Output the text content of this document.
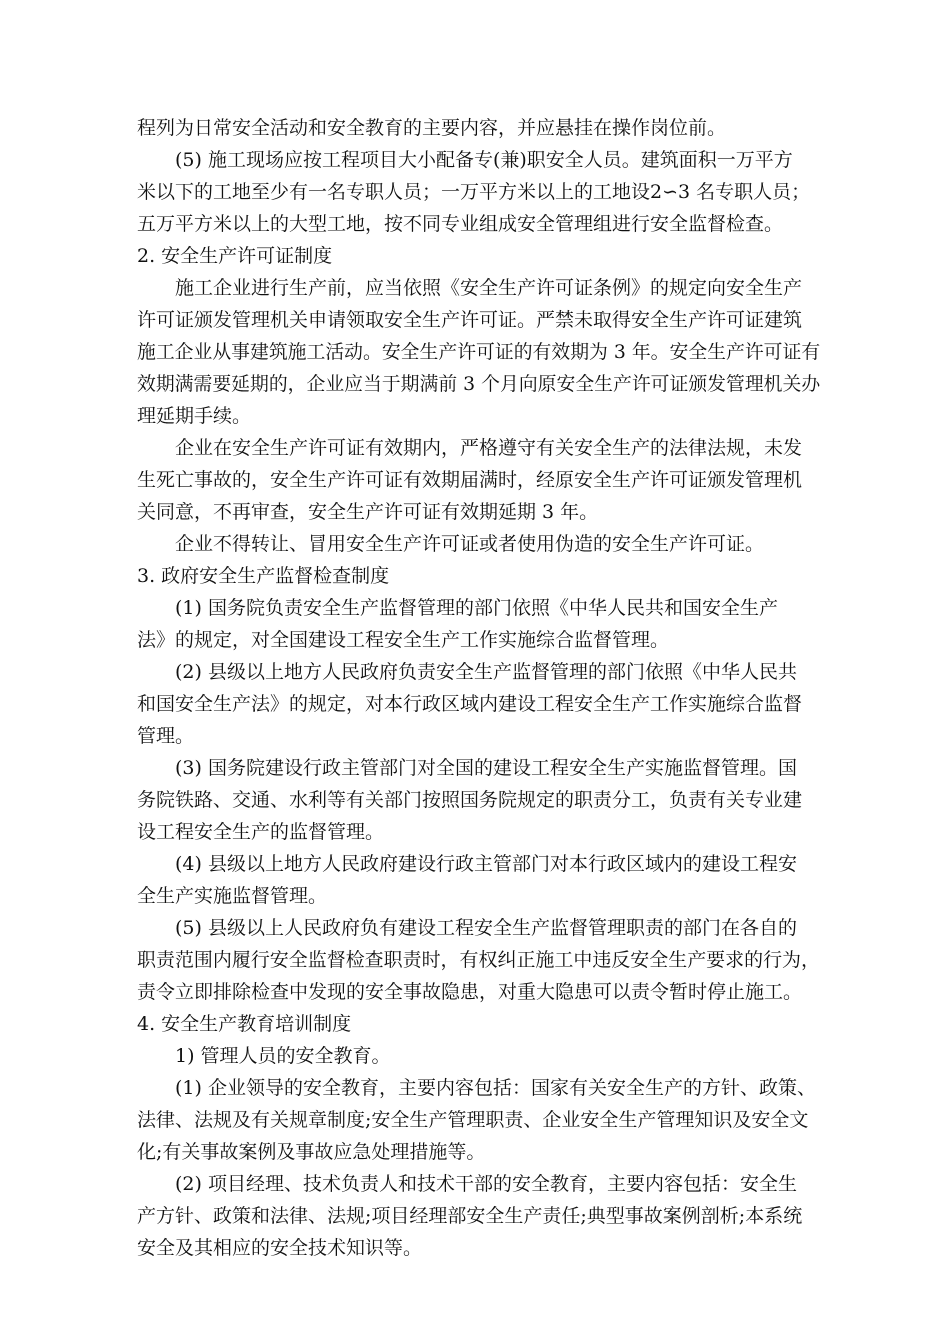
程列为日常安全活动和安全教育的主要内容，并应悬挂在操作岗位前。
(5) 施工现场应按工程项目大小配备专(兼)职安全人员。建筑面积一万平方
米以下的工地至少有一名专职人员；一万平方米以上的工地设2∽3 名专职人员；
五万平方米以上的大型工地，按不同专业组成安全管理组进行安全监督检查。
2. 安全生产许可证制度
施工企业进行生产前，应当依照《安全生产许可证条例》的规定向安全生产
许可证颁发管理机关申请领取安全生产许可证。严禁未取得安全生产许可证建筑
施工企业从事建筑施工活动。安全生产许可证的有效期为 3 年。安全生产许可证有
效期满需要延期的，企业应当于期满前 3 个月向原安全生产许可证颁发管理机关办
理延期手续。
企业在安全生产许可证有效期内，严格遵守有关安全生产的法律法规，未发
生死亡事故的，安全生产许可证有效期届满时，经原安全生产许可证颁发管理机
关同意，不再审查，安全生产许可证有效期延期 3 年。
企业不得转让、冒用安全生产许可证或者使用伪造的安全生产许可证。
3. 政府安全生产监督检查制度
(1) 国务院负责安全生产监督管理的部门依照《中华人民共和国安全生产
法》的规定，对全国建设工程安全生产工作实施综合监督管理。
(2) 县级以上地方人民政府负责安全生产监督管理的部门依照《中华人民共
和国安全生产法》的规定，对本行政区域内建设工程安全生产工作实施综合监督
管理。
(3) 国务院建设行政主管部门对全国的建设工程安全生产实施监督管理。国
务院铁路、交通、水利等有关部门按照国务院规定的职责分工，负责有关专业建
设工程安全生产的监督管理。
(4) 县级以上地方人民政府建设行政主管部门对本行政区域内的建设工程安
全生产实施监督管理。
(5) 县级以上人民政府负有建设工程安全生产监督管理职责的部门在各自的
职责范围内履行安全监督检查职责时，有权纠正施工中违反安全生产要求的行为，
责令立即排除检查中发现的安全事故隐患，对重大隐患可以责令暂时停止施工。
4. 安全生产教育培训制度
1) 管理人员的安全教育。
(1) 企业领导的安全教育，主要内容包括：国家有关安全生产的方针、政策、
法律、法规及有关规章制度;安全生产管理职责、企业安全生产管理知识及安全文
化;有关事故案例及事故应急处理措施等。
(2) 项目经理、技术负责人和技术干部的安全教育，主要内容包括：安全生
产方针、政策和法律、法规;项目经理部安全生产责任;典型事故案例剖析;本系统
安全及其相应的安全技术知识等。
